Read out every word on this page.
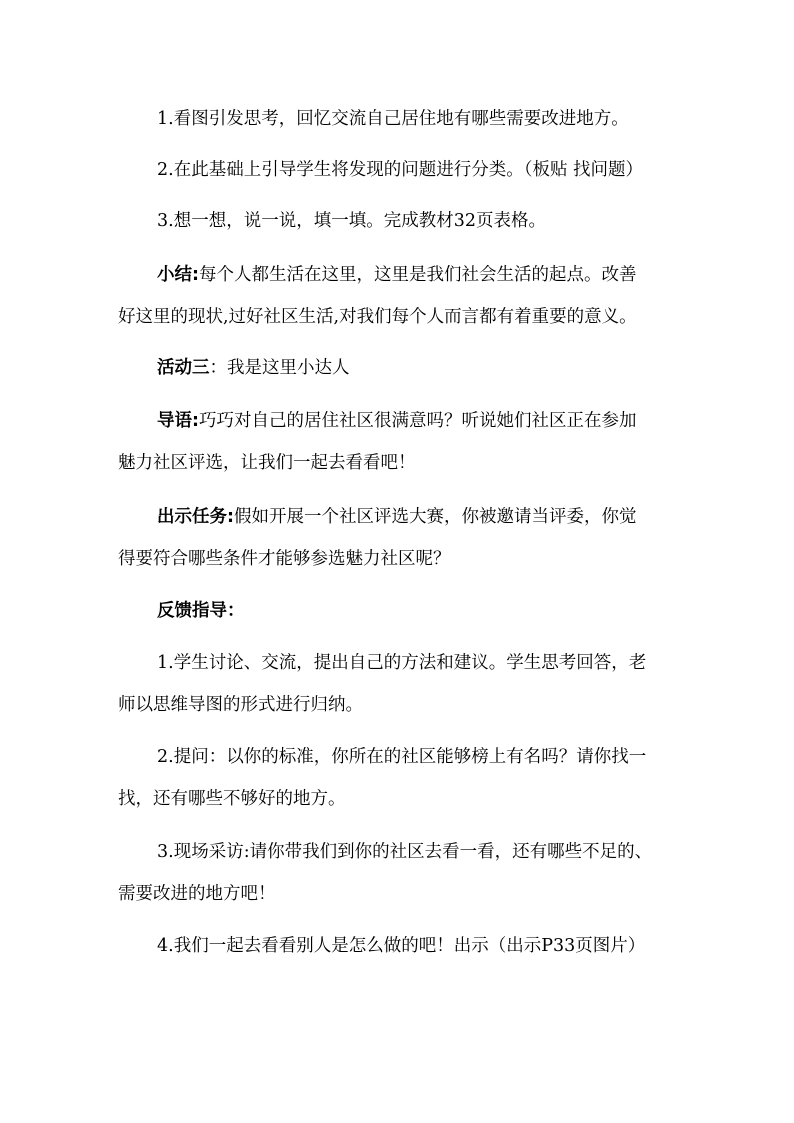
1.看图引发思考，回忆交流自己居住地有哪些需要改进地方。
2.在此基础上引导学生将发现的问题进行分类。（板贴 找问题）
3.想一想，说一说，填一填。完成教材32页表格。
小结:每个人都生活在这里，这里是我们社会生活的起点。改善
好这里的现状,过好社区生活,对我们每个人而言都有着重要的意义。
活动三：我是这里小达人
导语:巧巧对自己的居住社区很满意吗？听说她们社区正在参加
魅力社区评选，让我们一起去看看吧！
出示任务:假如开展一个社区评选大赛，你被邀请当评委，你觉
得要符合哪些条件才能够参选魅力社区呢？
反馈指导：
1.学生讨论、交流，提出自己的方法和建议。学生思考回答，老
师以思维导图的形式进行归纳。
2.提问：以你的标准，你所在的社区能够榜上有名吗？请你找一
找，还有哪些不够好的地方。
3.现场采访:请你带我们到你的社区去看一看，还有哪些不足的、
需要改进的地方吧！
4.我们一起去看看别人是怎么做的吧！出示（出示P33页图片）
